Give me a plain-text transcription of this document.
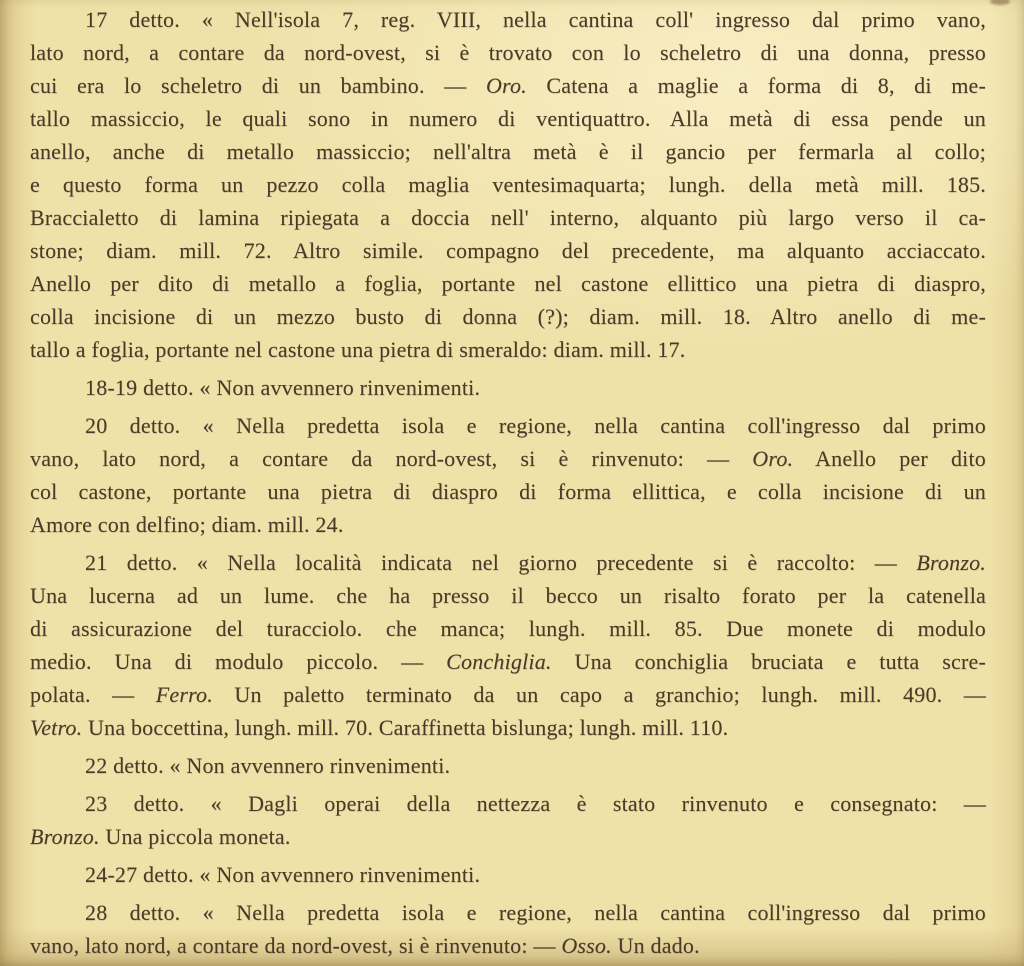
17 detto. « Nell'isola 7, reg. VIII, nella cantina coll' ingresso dal primo vano,
lato nord, a contare da nord-ovest, si è trovato con lo scheletro di una donna, presso
cui era lo scheletro di un bambino. — Oro. Catena a maglie a forma di 8, di me-
tallo massiccio, le quali sono in numero di ventiquattro. Alla metà di essa pende un
anello, anche di metallo massiccio; nell'altra metà è il gancio per fermarla al collo;
e questo forma un pezzo colla maglia ventesimaquarta; lungh. della metà mill. 185.
Braccialetto di lamina ripiegata a doccia nell' interno, alquanto più largo verso il ca-
stone; diam. mill. 72. Altro simile. compagno del precedente, ma alquanto acciaccato.
Anello per dito di metallo a foglia, portante nel castone ellittico una pietra di diaspro,
colla incisione di un mezzo busto di donna (?); diam. mill. 18. Altro anello di me-
tallo a foglia, portante nel castone una pietra di smeraldo: diam. mill. 17.
18-19 detto. « Non avvennero rinvenimenti.
20 detto. « Nella predetta isola e regione, nella cantina coll'ingresso dal primo
vano, lato nord, a contare da nord-ovest, si è rinvenuto: — Oro. Anello per dito
col castone, portante una pietra di diaspro di forma ellittica, e colla incisione di un
Amore con delfino; diam. mill. 24.
21 detto. « Nella località indicata nel giorno precedente si è raccolto: — Bronzo.
Una lucerna ad un lume. che ha presso il becco un risalto forato per la catenella
di assicurazione del turacciolo. che manca; lungh. mill. 85. Due monete di modulo
medio. Una di modulo piccolo. — Conchiglia. Una conchiglia bruciata e tutta scre-
polata. — Ferro. Un paletto terminato da un capo a granchio; lungh. mill. 490. —
Vetro. Una boccettina, lungh. mill. 70. Caraffinetta bislunga; lungh. mill. 110.
22 detto. « Non avvennero rinvenimenti.
23 detto. « Dagli operai della nettezza è stato rinvenuto e consegnato: —
Bronzo. Una piccola moneta.
24-27 detto. « Non avvennero rinvenimenti.
28 detto. « Nella predetta isola e regione, nella cantina coll'ingresso dal primo
vano, lato nord, a contare da nord-ovest, si è rinvenuto: — Osso. Un dado.
